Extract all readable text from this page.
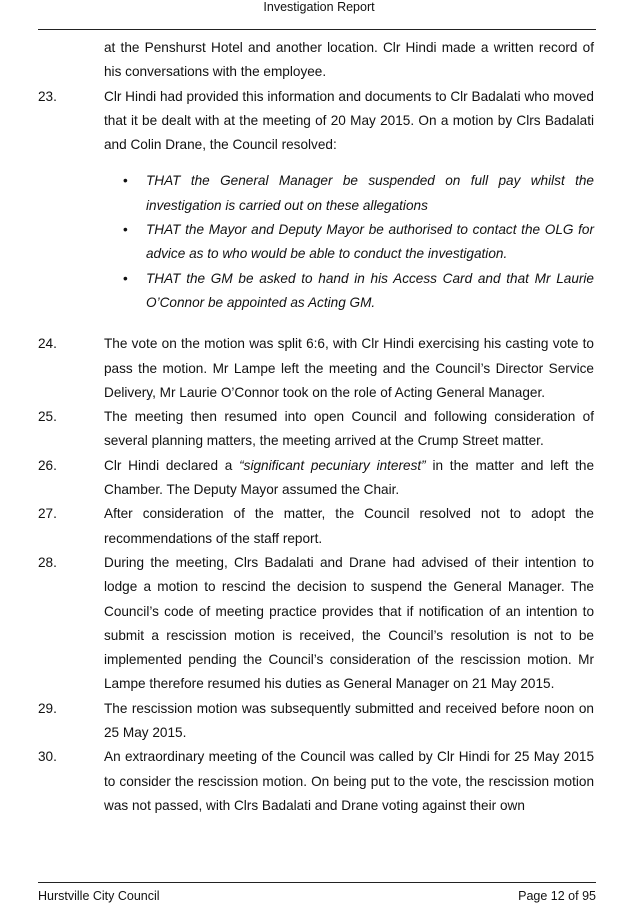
Investigation Report

at the Penshurst Hotel and another location. Clr Hindi made a written record of his conversations with the employee.

23.	Clr Hindi had provided this information and documents to Clr Badalati who moved that it be dealt with at the meeting of 20 May 2015. On a motion by Clrs Badalati and Colin Drane, the Council resolved:
• THAT the General Manager be suspended on full pay whilst the investigation is carried out on these allegations
• THAT the Mayor and Deputy Mayor be authorised to contact the OLG for advice as to who would be able to conduct the investigation.
• THAT the GM be asked to hand in his Access Card and that Mr Laurie O’Connor be appointed as Acting GM.
24.	The vote on the motion was split 6:6, with Clr Hindi exercising his casting vote to pass the motion. Mr Lampe left the meeting and the Council’s Director Service Delivery, Mr Laurie O’Connor took on the role of Acting General Manager.
25.	The meeting then resumed into open Council and following consideration of several planning matters, the meeting arrived at the Crump Street matter.
26.	Clr Hindi declared a “significant pecuniary interest” in the matter and left the Chamber. The Deputy Mayor assumed the Chair.
27.	After consideration of the matter, the Council resolved not to adopt the recommendations of the staff report.
28.	During the meeting, Clrs Badalati and Drane had advised of their intention to lodge a motion to rescind the decision to suspend the General Manager. The Council’s code of meeting practice provides that if notification of an intention to submit a rescission motion is received, the Council’s resolution is not to be implemented pending the Council’s consideration of the rescission motion. Mr Lampe therefore resumed his duties as General Manager on 21 May 2015.
29.	The rescission motion was subsequently submitted and received before noon on 25 May 2015.
30.	An extraordinary meeting of the Council was called by Clr Hindi for 25 May 2015 to consider the rescission motion. On being put to the vote, the rescission motion was not passed, with Clrs Badalati and Drane voting against their own
Hurstville City Council	Page 12 of 95
